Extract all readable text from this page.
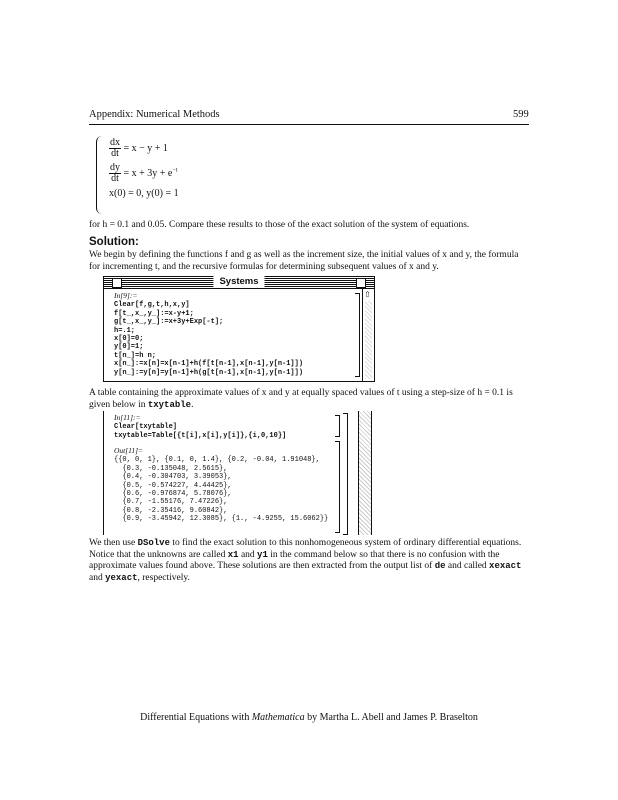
Appendix: Numerical Methods	599
$\frac{dx}{dt} = x - y + 1$
$\frac{dy}{dt} = x + 3y + e^{-t}$
x(0) = 0, y(0) = 1
for h = 0.1 and 0.05. Compare these results to those of the exact solution of the system of equations.
Solution:
We begin by defining the functions f and g as well as the increment size, the initial values of x and y, the formula for incrementing t, and the recursive formulas for determining subsequent values of x and y.
Systems
⇧
In[9]:=
Clear[f,g,t,h,x,y]
f[t_,x_,y_]:=x-y+1;
g[t_,x_,y_]:=x+3y+Exp[-t];
h=.1;
x[0]=0;
y[0]=1;
t[n_]=h n;
x[n_]:=x[n]=x[n-1]+h(f[t[n-1],x[n-1],y[n-1]])
y[n_]:=y[n]=y[n-1]+h(g[t[n-1],x[n-1],y[n-1]])
A table containing the approximate values of x and y at equally spaced values of t using a step-size of h = 0.1 is given below in txytable.
In[11]:=
Clear[txytable]
txytable=Table[{t[i],x[i],y[i]},{i,0,10}]
Out[11]=
{{0, 0, 1}, {0.1, 0, 1.4}, {0.2, -0.04, 1.91048},
{0.3, -0.135048, 2.5615},
{0.4, -0.304703, 3.39053},
{0.5, -0.574227, 4.44425},
{0.6, -0.976874, 5.78076},
{0.7, -1.55176, 7.47226},
{0.8, -2.35416, 9.60842},
{0.9, -3.45942, 12.3085}, {1., -4.9255, 15.6062}}
We then use DSolve to find the exact solution to this nonhomogeneous system of ordinary differential equations. Notice that the unknowns are called x1 and y1 in the command below so that there is no confusion with the approximate values found above. These solutions are then extracted from the output list of de and called xexact and yexact, respectively.
Differential Equations with Mathematica by Martha L. Abell and James P. Braselton
